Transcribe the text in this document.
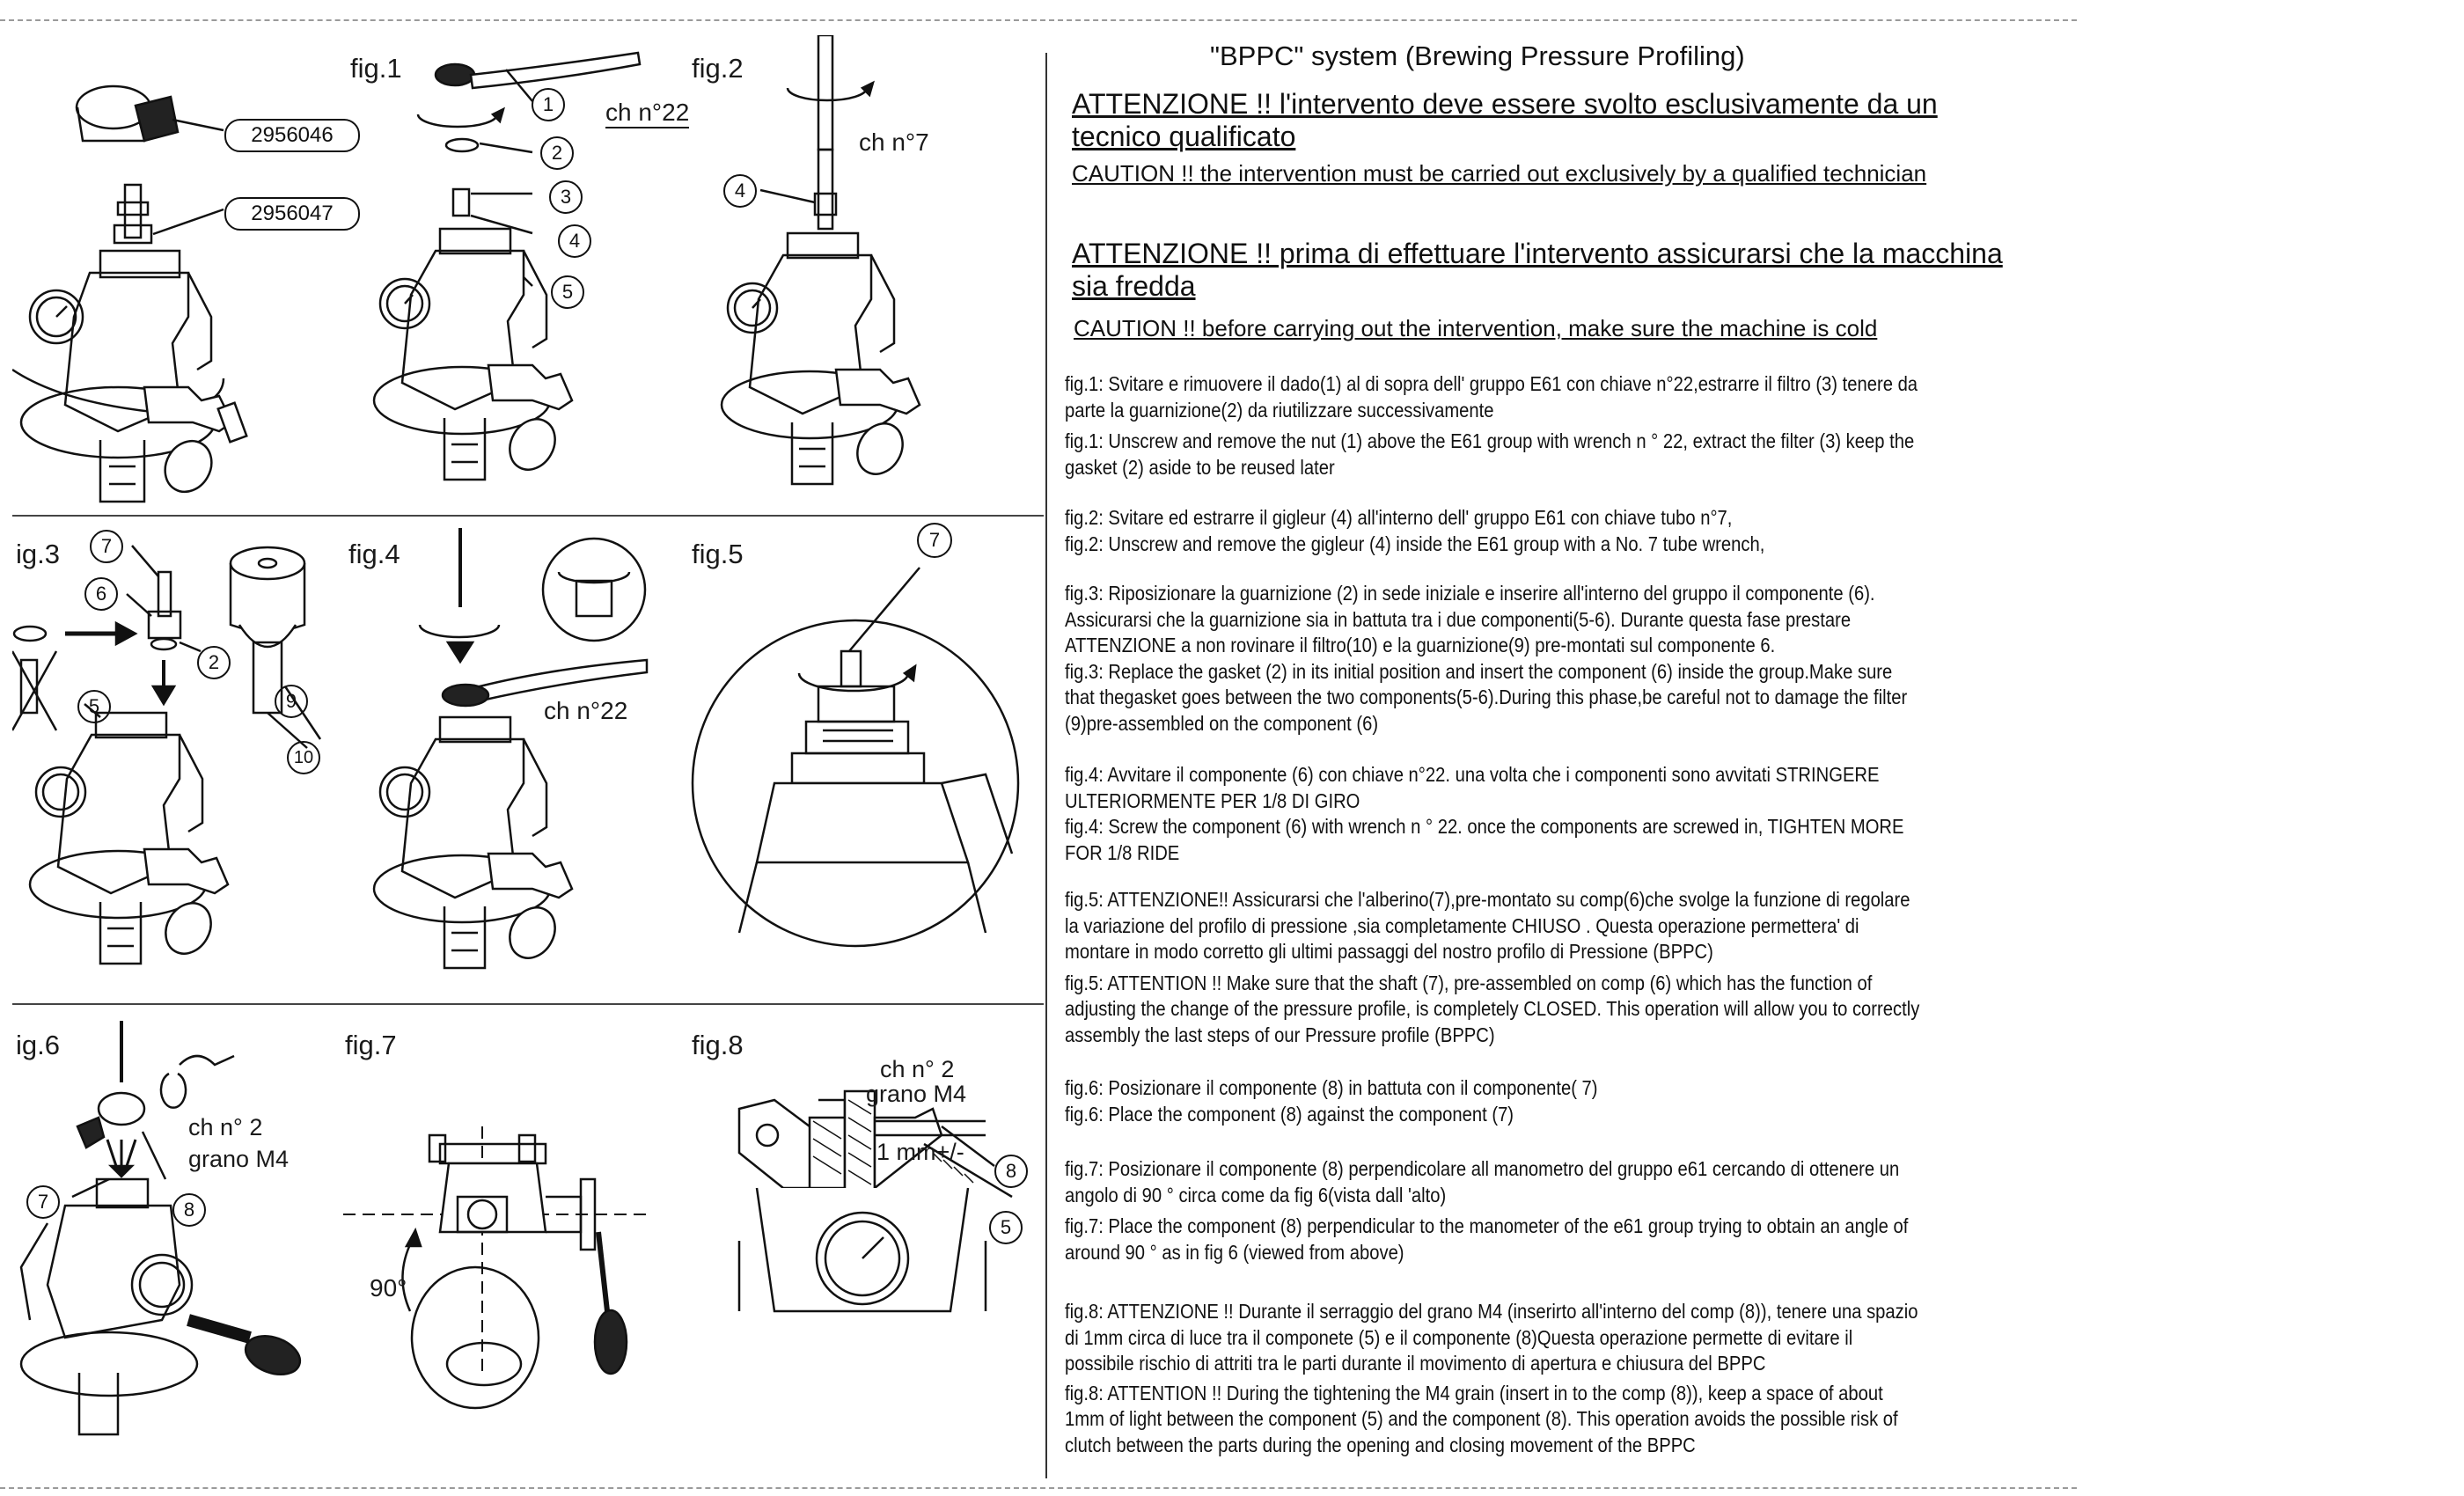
2956046
2956047
fig.1
1
2
3
4
5
ch n°22
fig.2
4
ch n°7
ig.3	7
6
2
5	9
10
fig.4
ch n°22
fig.5	7
ig.6
7	8
ch n° 2
grano M4
fig.7
90°
fig.8
ch n° 2
grano M4
1 mm+/-
8
5
"BPPC" system (Brewing Pressure Profiling)
ATTENZIONE !! l'intervento deve essere svolto esclusivamente da un
tecnico qualificato
CAUTION !! the intervention must be carried out exclusively by a qualified technician
ATTENZIONE !! prima di effettuare l'intervento assicurarsi che la macchina
sia fredda
CAUTION !! before carrying out the intervention, make sure the machine is cold

fig.1: Svitare e rimuovere il dado(1) al di sopra dell' gruppo E61 con chiave n°22,estrarre il filtro (3) tenere da parte la guarnizione(2) da riutilizzare successivamente

fig.1: Unscrew and remove the nut (1) above the E61 group with wrench n ° 22, extract the filter (3) keep the gasket (2) aside to be reused later

fig.2: Svitare ed estrarre il gigleur (4) all'interno dell' gruppo E61 con chiave tubo n°7,

fig.2: Unscrew and remove the gigleur (4) inside the E61 group with a No. 7 tube wrench,

fig.3: Riposizionare la guarnizione (2) in sede iniziale e inserire all'interno del gruppo il componente (6). Assicurarsi che la guarnizione sia in battuta tra i due componenti(5-6). Durante questa fase prestare ATTENZIONE a non rovinare il filtro(10) e la guarnizione(9) pre-montati sul componente 6.

fig.3: Replace the gasket (2) in its initial position and insert the component (6) inside the group.Make sure that thegasket goes between the two components(5-6).During this phase,be careful not to damage the filter (9)pre-assembled on the component (6)

fig.4: Avvitare il componente (6) con chiave n°22. una volta che i componenti sono avvitati STRINGERE ULTERIORMENTE PER 1/8 DI GIRO

fig.4: Screw the component (6) with wrench n ° 22. once the components are screwed in, TIGHTEN MORE FOR 1/8 RIDE

fig.5: ATTENZIONE!! Assicurarsi che l'alberino(7),pre-montato su comp(6)che svolge la funzione di regolare la variazione del profilo di pressione ,sia completamente CHIUSO . Questa operazione permettera' di montare in modo corretto gli ultimi passaggi del nostro profilo di Pressione (BPPC)

fig.5: ATTENTION !! Make sure that the shaft (7), pre-assembled on comp (6) which has the function of adjusting the change of the pressure profile, is completely CLOSED. This operation will allow you to correctly assembly the last steps of our Pressure profile (BPPC)

fig.6: Posizionare il componente (8) in battuta con il componente( 7)

fig.6: Place the component (8) against the component (7)

fig.7: Posizionare il componente (8) perpendicolare all manometro del gruppo e61 cercando di ottenere un angolo di 90 ° circa come da fig 6(vista dall 'alto)

fig.7: Place the component (8) perpendicular to the manometer of the e61 group trying to obtain an angle of around 90 ° as in fig 6 (viewed from above)

fig.8: ATTENZIONE !! Durante il serraggio del grano M4 (inserirto all'interno del comp (8)), tenere una spazio di 1mm circa di luce tra il componete (5) e il componente (8)Questa operazione permette di evitare il possibile rischio di attriti tra le parti durante il movimento di apertura e chiusura del BPPC

fig.8: ATTENTION !! During the tightening the M4 grain (insert in to the comp (8)), keep a space of about 1mm of light between the component (5) and the component (8). This operation avoids the possible risk of clutch between the parts during the opening and closing movement of the BPPC
